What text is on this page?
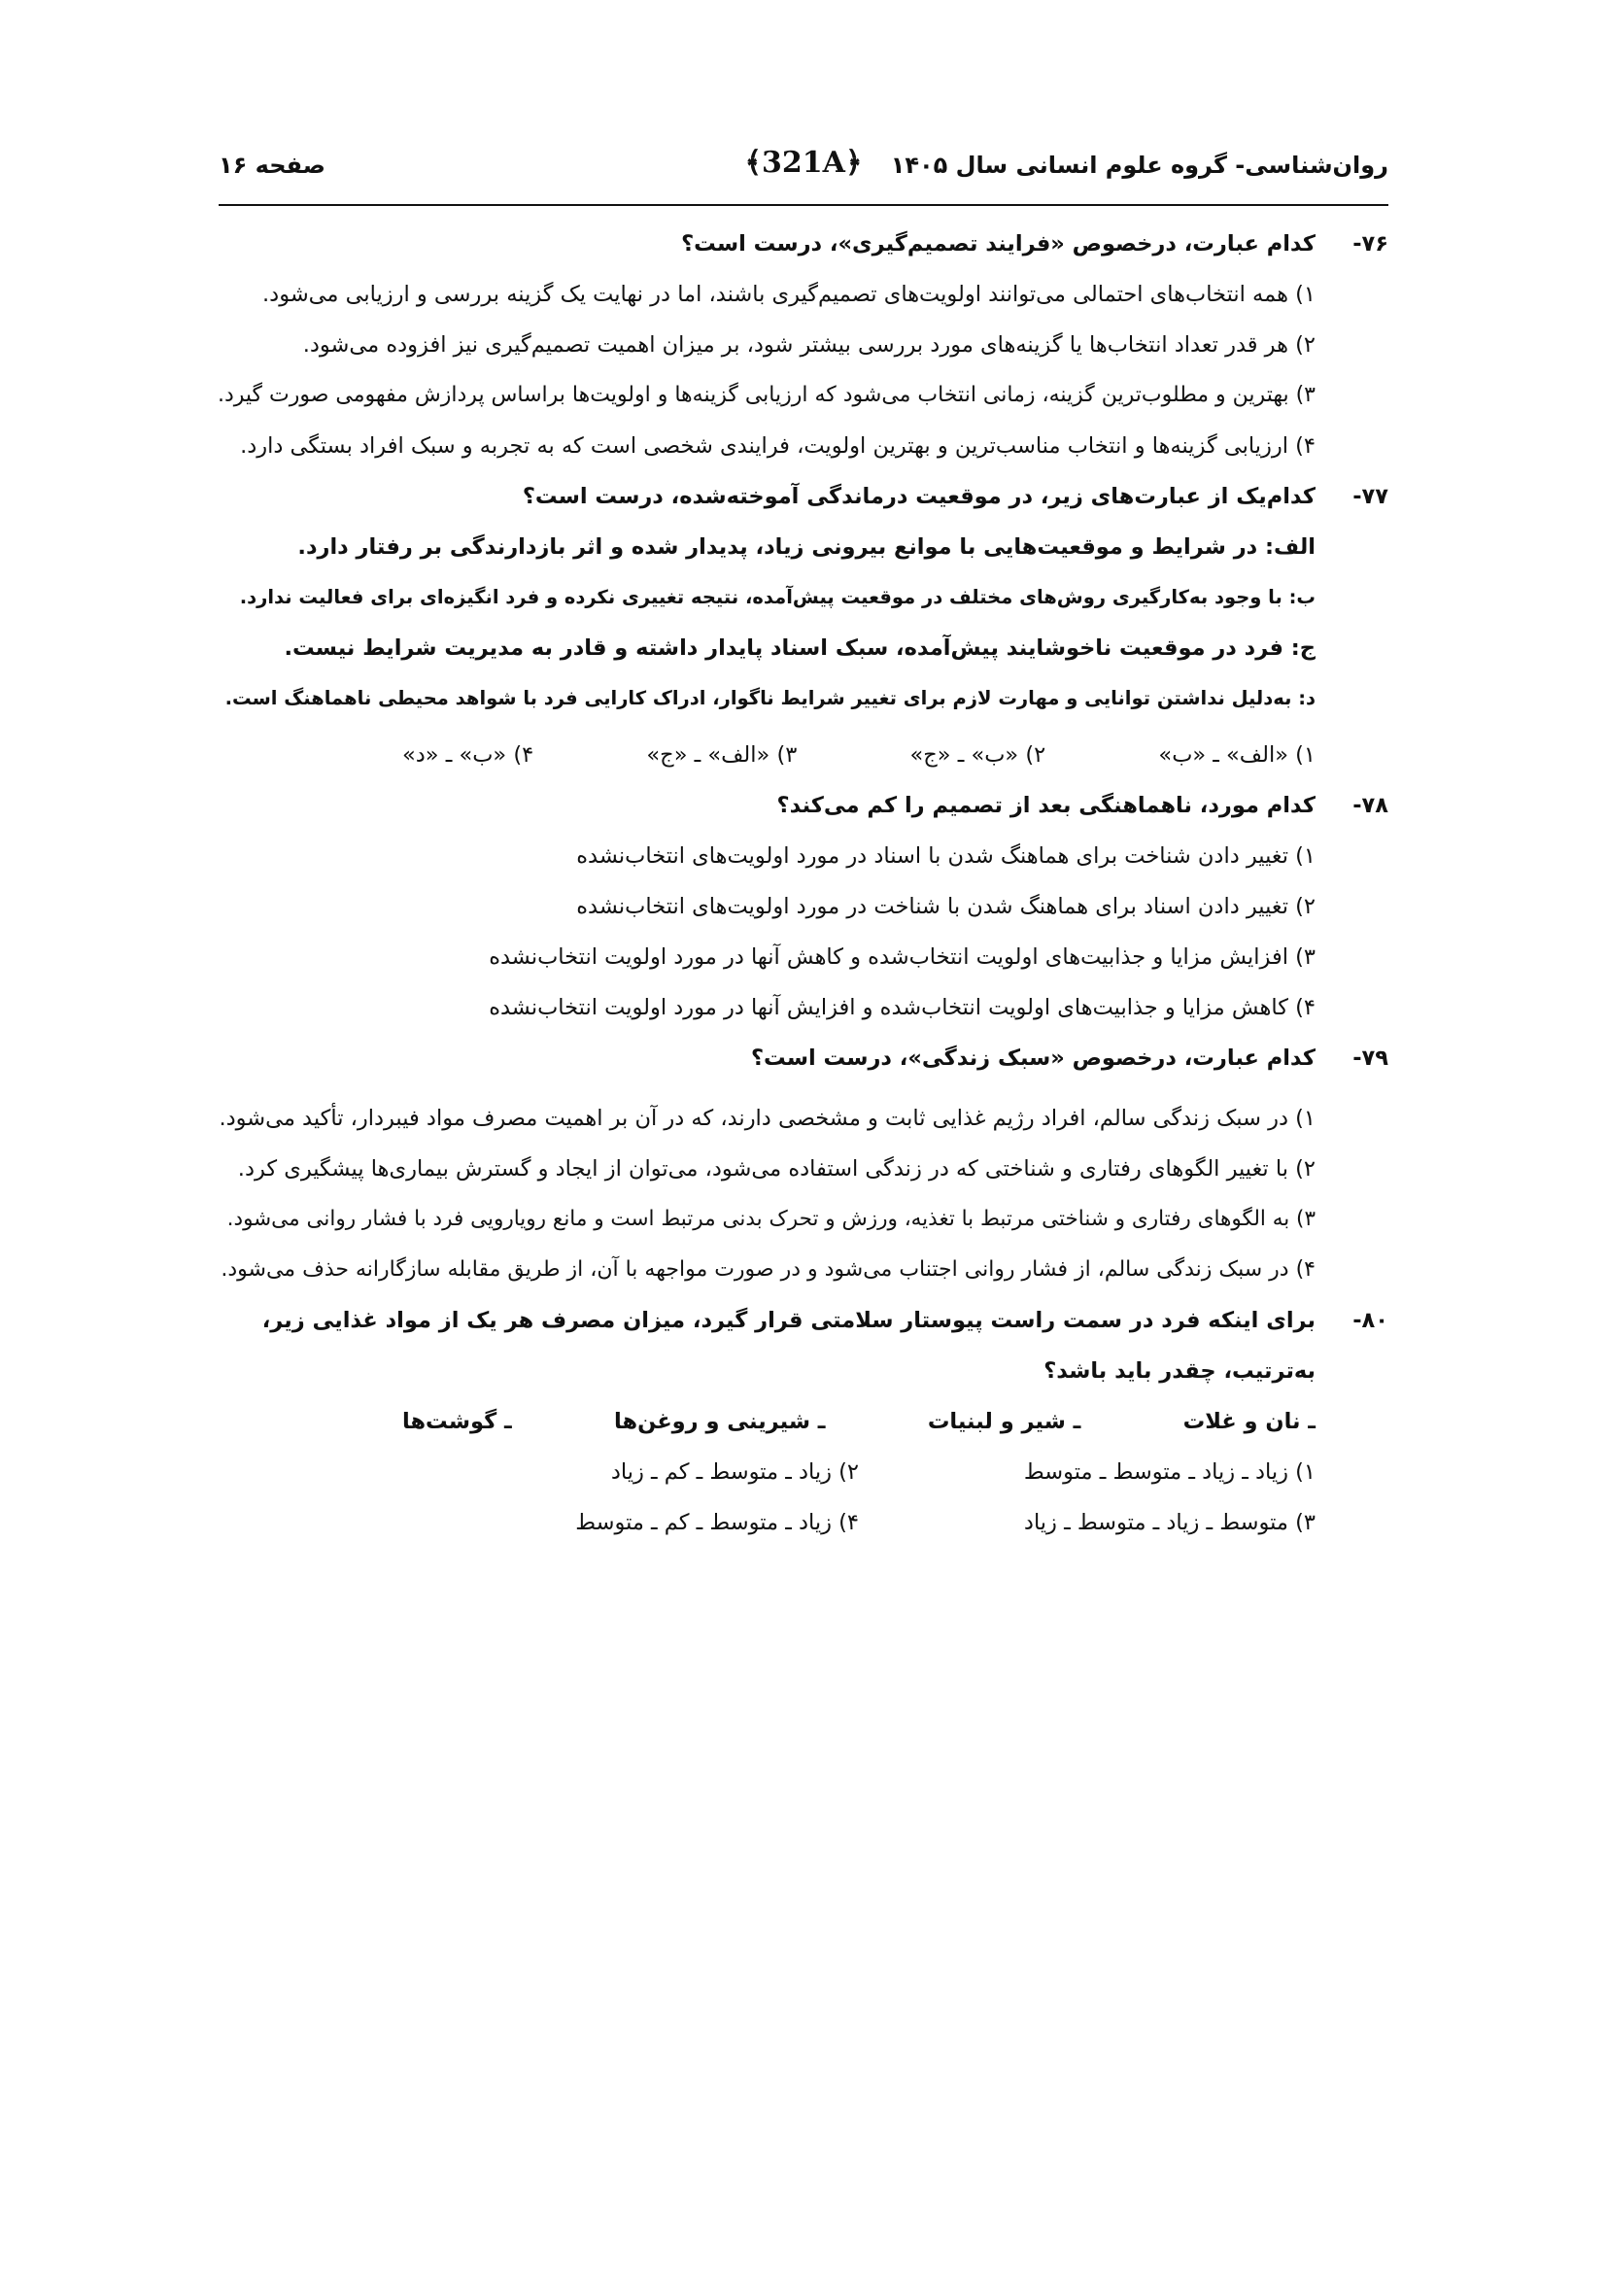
روان‌شناسی- گروه علوم انسانی سال ۱۴۰۵
﴾321A﴿
صفحه ۱۶
۷۶-
کدام عبارت، درخصوص «فرایند تصمیم‌گیری»، درست است؟
۱) همه انتخاب‌های احتمالی می‌توانند اولویت‌های تصمیم‌گیری باشند، اما در نهایت یک گزینه بررسی و ارزیابی می‌شود.
۲) هر قدر تعداد انتخاب‌ها یا گزینه‌های مورد بررسی بیشتر شود، بر میزان اهمیت تصمیم‌گیری نیز افزوده می‌شود.
۳) بهترین و مطلوب‌ترین گزینه، زمانی انتخاب می‌شود که ارزیابی گزینه‌ها و اولویت‌ها براساس پردازش مفهومی صورت گیرد.
۴) ارزیابی گزینه‌ها و انتخاب مناسب‌ترین و بهترین اولویت، فرایندی شخصی است که به تجربه و سبک افراد بستگی دارد.
۷۷-
کدام‌یک از عبارت‌های زیر، در موقعیت درماندگی آموخته‌شده، درست است؟
الف: در شرایط و موقعیت‌هایی با موانع بیرونی زیاد، پدیدار شده و اثر بازدارندگی بر رفتار دارد.
ب: با وجود به‌کارگیری روش‌های مختلف در موقعیت پیش‌آمده، نتیجه تغییری نکرده و فرد انگیزه‌ای برای فعالیت ندارد.
ج: فرد در موقعیت ناخوشایند پیش‌آمده، سبک اسناد پایدار داشته و قادر به مدیریت شرایط نیست.
د: به‌دلیل نداشتن توانایی و مهارت لازم برای تغییر شرایط ناگوار، ادراک کارایی فرد با شواهد محیطی ناهماهنگ است.
۱) «الف» ـ «ب»
۲) «ب» ـ «ج»
۳) «الف» ـ «ج»
۴) «ب» ـ «د»
۷۸-
کدام مورد، ناهماهنگی بعد از تصمیم را کم می‌کند؟
۱) تغییر دادن شناخت برای هماهنگ شدن با اسناد در مورد اولویت‌های انتخاب‌نشده
۲) تغییر دادن اسناد برای هماهنگ شدن با شناخت در مورد اولویت‌های انتخاب‌نشده
۳) افزایش مزایا و جذابیت‌های اولویت انتخاب‌شده و کاهش آنها در مورد اولویت انتخاب‌نشده
۴) کاهش مزایا و جذابیت‌های اولویت انتخاب‌شده و افزایش آنها در مورد اولویت انتخاب‌نشده
۷۹-
کدام عبارت، درخصوص «سبک زندگی»، درست است؟
۱) در سبک زندگی سالم، افراد رژیم غذایی ثابت و مشخصی دارند، که در آن بر اهمیت مصرف مواد فیبردار، تأکید می‌شود.
۲) با تغییر الگوهای رفتاری و شناختی که در زندگی استفاده می‌شود، می‌توان از ایجاد و گسترش بیماری‌ها پیشگیری کرد.
۳) به الگوهای رفتاری و شناختی مرتبط با تغذیه، ورزش و تحرک بدنی مرتبط است و مانع رویارویی فرد با فشار روانی می‌شود.
۴) در سبک زندگی سالم، از فشار روانی اجتناب می‌شود و در صورت مواجهه با آن، از طریق مقابله سازگارانه حذف می‌شود.
۸۰-
برای اینکه فرد در سمت راست پیوستار سلامتی قرار گیرد، میزان مصرف هر یک از مواد غذایی زیر، به‌ترتیب، چقدر باید باشد؟
ـ نان و غلات
ـ شیر و لبنیات
ـ شیرینی و روغن‌ها
ـ گوشت‌ها
۱) زیاد ـ زیاد ـ متوسط ـ متوسط
۲) زیاد ـ متوسط ـ کم ـ زیاد
۳) متوسط ـ زیاد ـ متوسط ـ زیاد
۴) زیاد ـ متوسط ـ کم ـ متوسط
